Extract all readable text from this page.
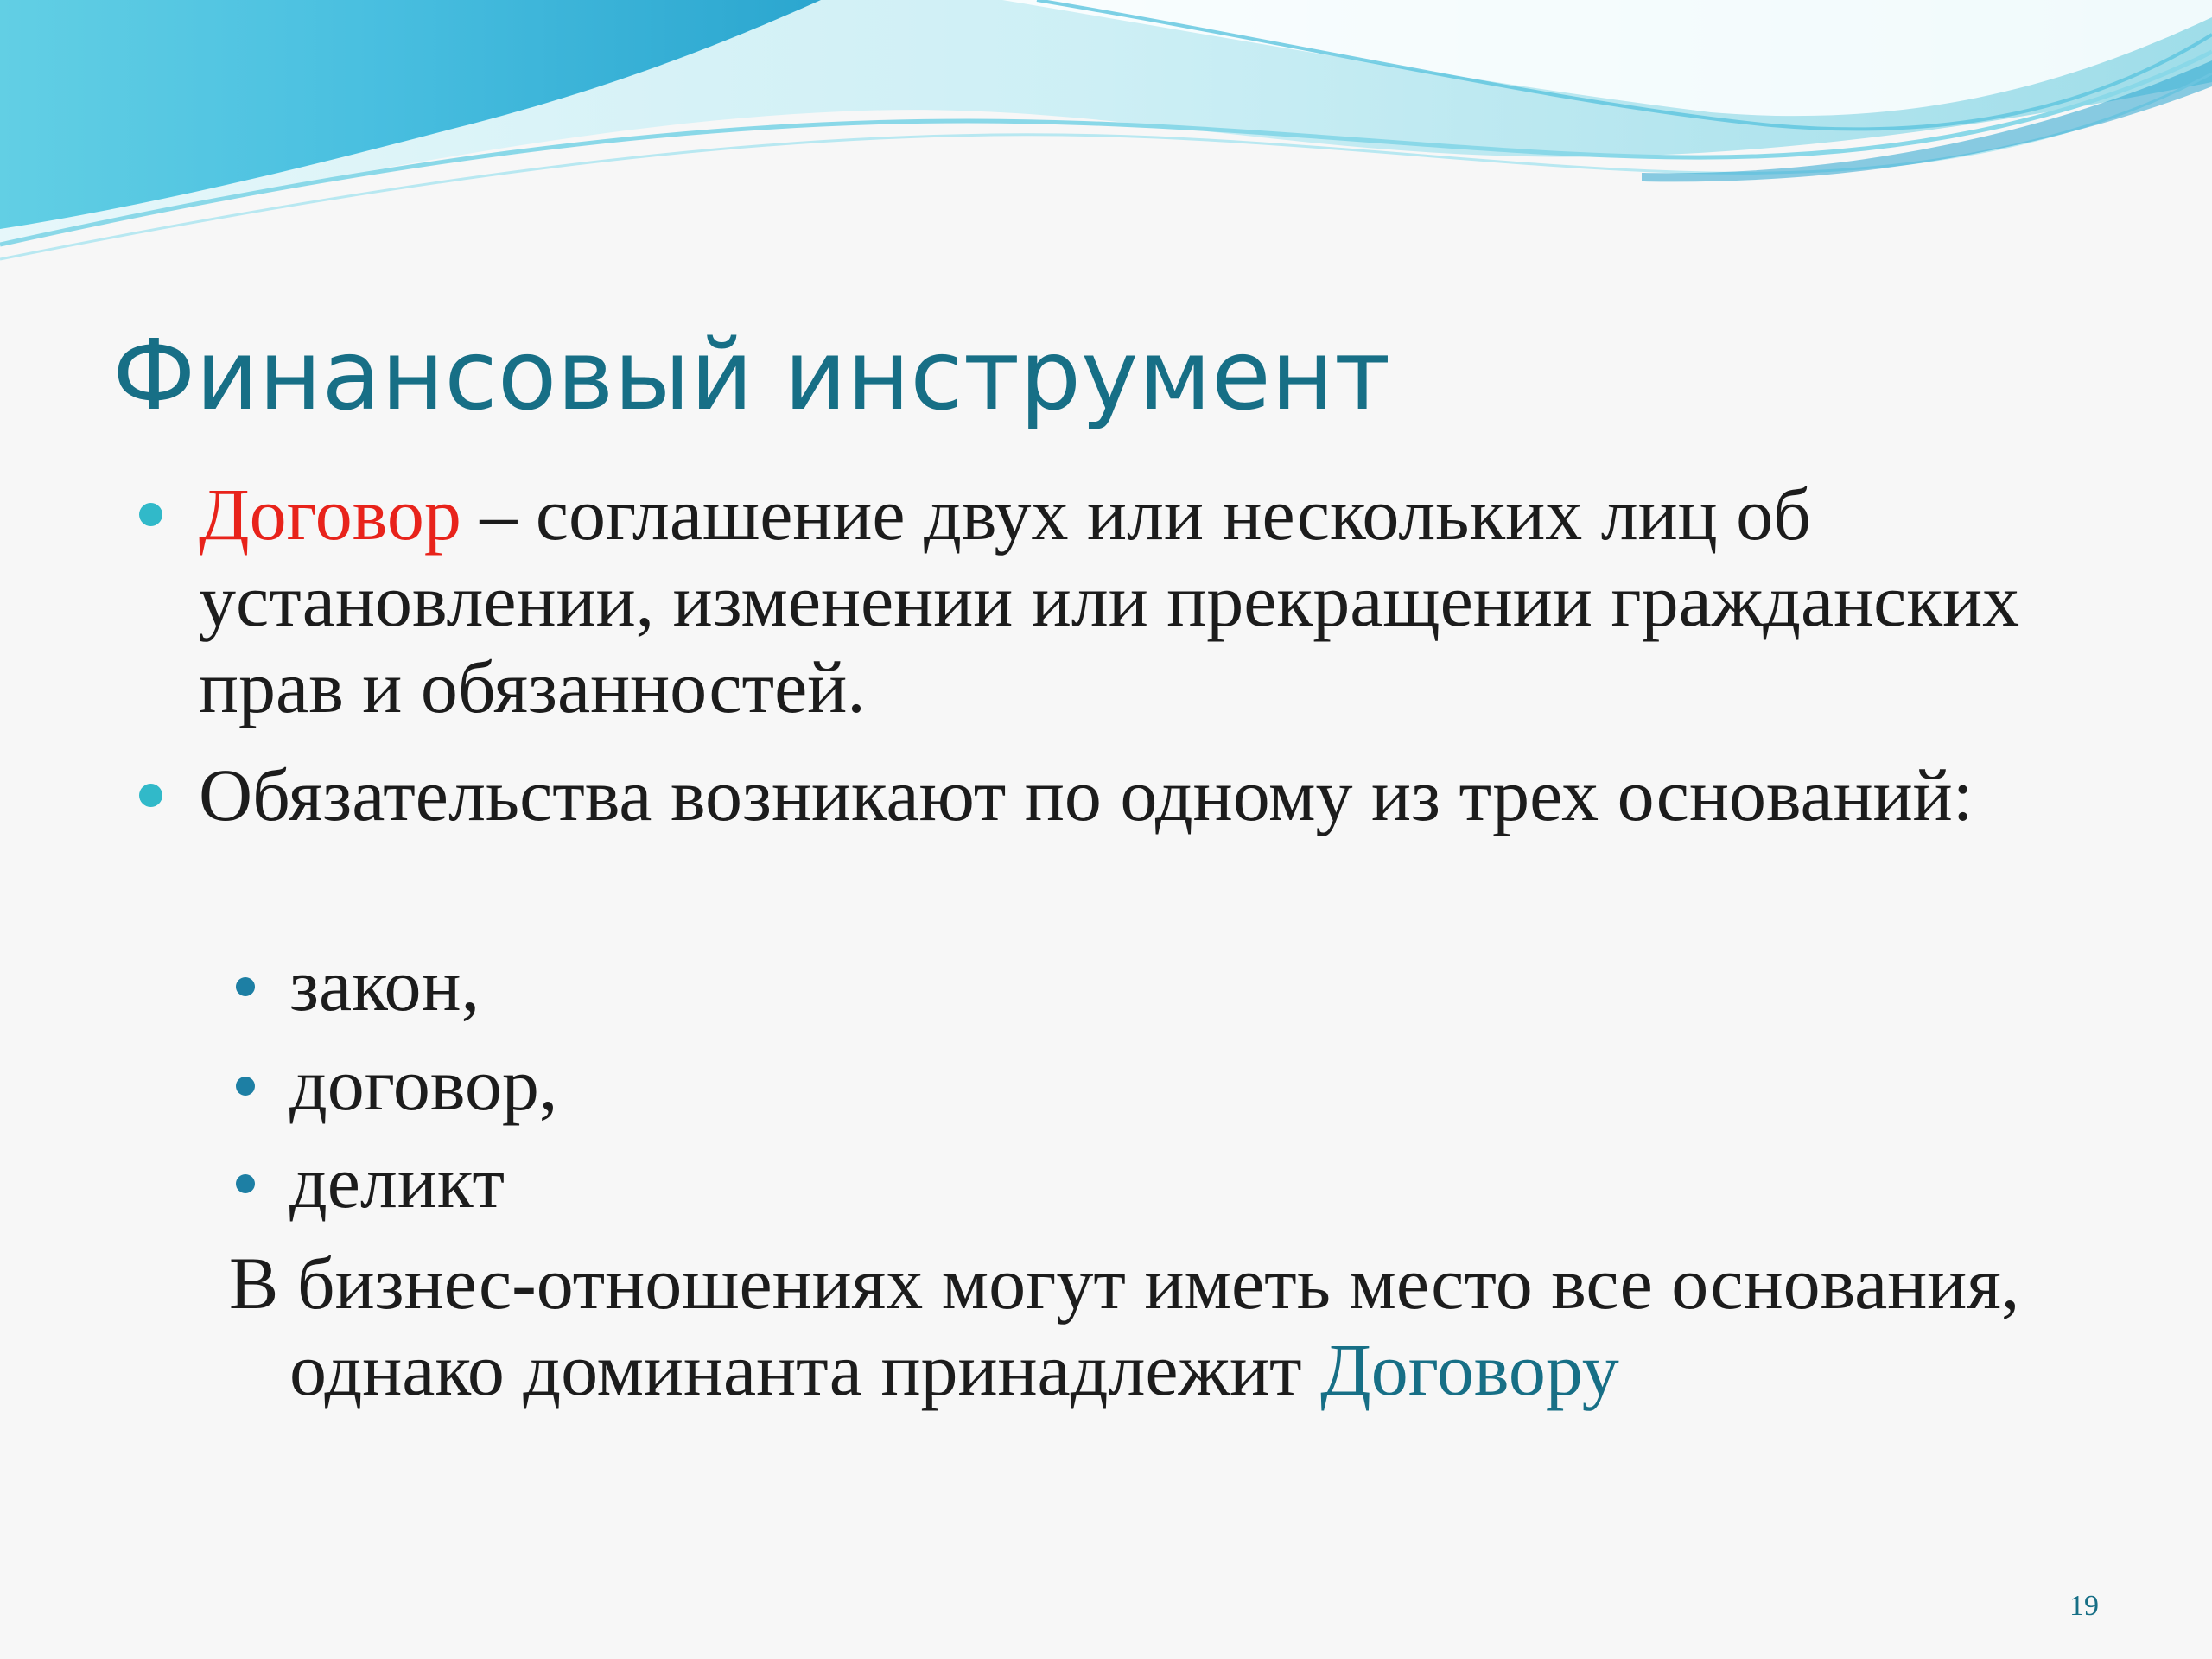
Финансовый инструмент
Договор – соглашение двух или нескольких лиц об установлении, изменении или прекращении гражданских прав и обязанностей.
Обязательства возникают по одному из трех оснований:
закон,
договор,
деликт
В бизнес-отношениях могут иметь место все основания, однако доминанта принадлежит Договору
19
